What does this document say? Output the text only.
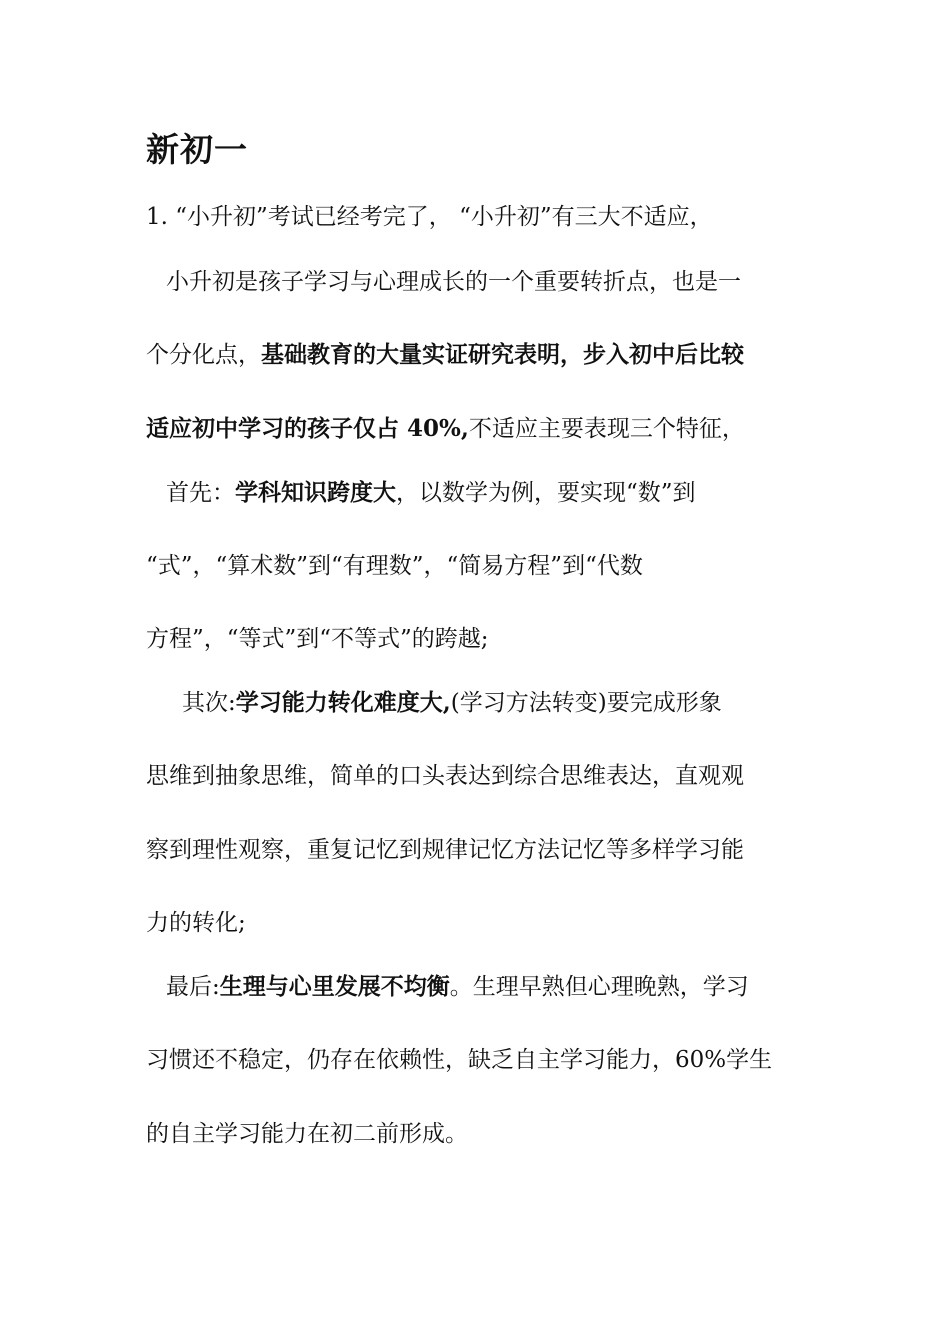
新初一
1. “小升初”考试已经考完了， “小升初”有三大不适应，
小升初是孩子学习与心理成长的一个重要转折点，也是一
个分化点，基础教育的大量实证研究表明，步入初中后比较
适应初中学习的孩子仅占 40%,不适应主要表现三个特征，
首先：学科知识跨度大，以数学为例，要实现“数”到
“式”，“算术数”到“有理数”，“简易方程”到“代数
方程”，“等式”到“不等式”的跨越;
其次:学习能力转化难度大,(学习方法转变)要完成形象
思维到抽象思维，简单的口头表达到综合思维表达，直观观
察到理性观察，重复记忆到规律记忆方法记忆等多样学习能
力的转化;
最后:生理与心里发展不均衡。生理早熟但心理晚熟，学习
习惯还不稳定，仍存在依赖性，缺乏自主学习能力，60%学生
的自主学习能力在初二前形成。
